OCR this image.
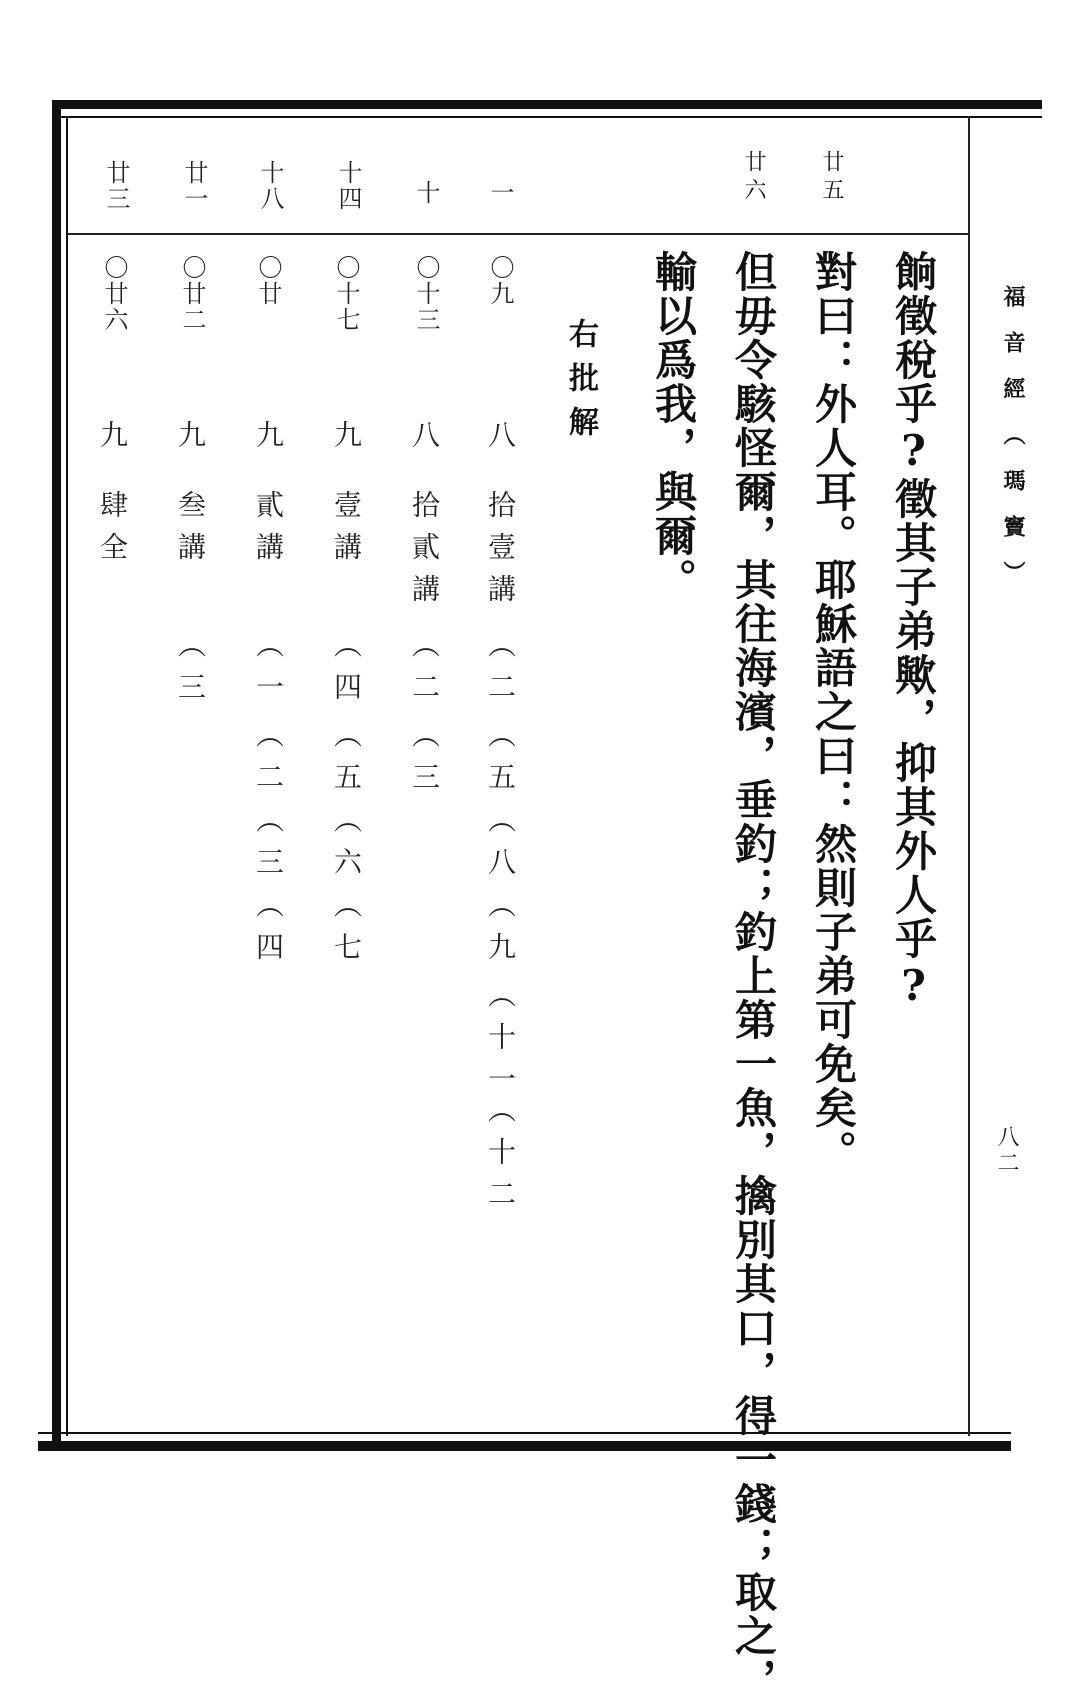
福音經（瑪竇）
八二
廿五
廿六
餉徵稅乎?徵其子弟歟，抑其外人乎?
對曰：外人耳。耶穌語之曰：然則子弟可免矣。
但毋令駭怪爾，其往海濱，垂釣；釣上第一魚，擒別其口，得一錢；取之，
輸以爲我，與爾。
右批解
一
〇九
八
拾壹講
（二
（五
（八
（九
（十一
（十二
十
〇十三
八
拾貳講
（二
（三
十四
〇十七
九
壹講
（四
（五
（六
（七
十八
〇廿
九
貳講
（一
（二
（三
（四
廿一
〇廿二
九
叁講
（三
廿三
〇廿六
九
肆全
